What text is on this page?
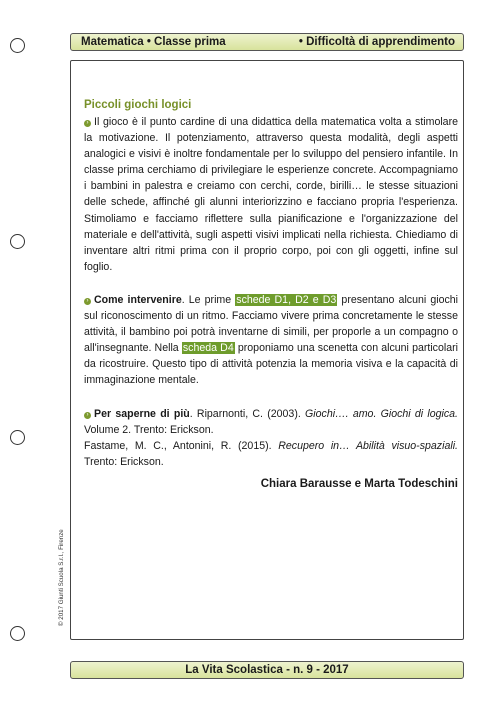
Matematica • Classe prima	• Difficoltà di apprendimento
Piccoli giochi logici

› Il gioco è il punto cardine di una didattica della matematica volta a stimolare la motivazione. Il potenziamento, attraverso questa modalità, degli aspetti analogici e visivi è inoltre fondamentale per lo sviluppo del pensiero infantile. In classe prima cerchiamo di privilegiare le esperienze concrete. Accompagniamo i bambini in palestra e creiamo con cerchi, corde, birilli… le stesse situazioni delle schede, affinché gli alunni interiorizzino e facciano propria l'esperienza. Stimoliamo e facciamo riflettere sulla pianificazione e l'organizzazione del materiale e dell'attività, sugli aspetti visivi implicati nella richiesta. Chiediamo di inventare altri ritmi prima con il proprio corpo, poi con gli oggetti, infine sul foglio.

› Come intervenire. Le prime schede D1, D2 e D3 presentano alcuni giochi sul riconoscimento di un ritmo. Facciamo vivere prima concretamente le stesse attività, il bambino poi potrà inventarne di simili, per proporle a un compagno o all'insegnante. Nella scheda D4 proponiamo una scenetta con alcuni particolari da ricostruire. Questo tipo di attività potenzia la memoria visiva e la capacità di immaginazione mentale.

› Per saperne di più. Riparnonti, C. (2003). Giochi…. amo. Giochi di logica. Volume 2. Trento: Erickson.
Fastame, M. C., Antonini, R. (2015). Recupero in… Abilità visuo-spaziali. Trento: Erickson.

Chiara Barausse e Marta Todeschini
© 2017 Giunti Scuola S.r.l., Firenze
La Vita Scolastica - n. 9 - 2017
